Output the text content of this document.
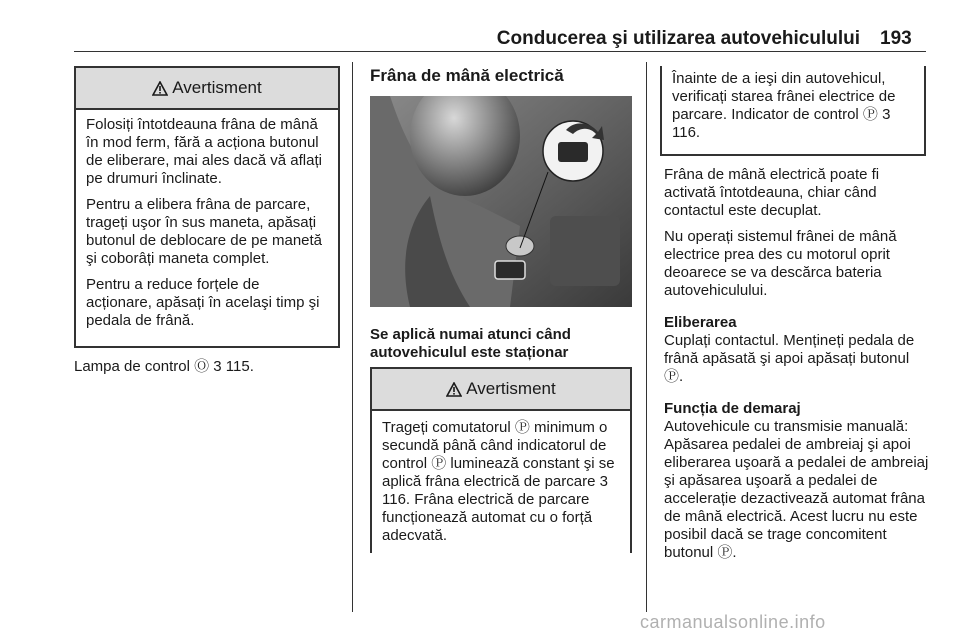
Conducerea şi utilizarea autovehiculului 193
Avertisment

Folosiți întotdeauna frâna de mână în mod ferm, fără a acționa butonul de eliberare, mai ales dacă vă aflați pe drumuri înclinate.

Pentru a elibera frâna de parcare, trageți uşor în sus maneta, apăsați butonul de deblocare de pe manetă şi coborâți maneta complet.

Pentru a reduce forțele de acționare, apăsați în acelaşi timp şi pedala de frână.

Lampa de control Ⓞ 3 115.
Frâna de mână electrică
Se aplică numai atunci când autovehiculul este staționar
Avertisment

Trageți comutatorul Ⓟ minimum o secundă până când indicatorul de control Ⓟ luminează constant şi se aplică frâna electrică de parcare 3 116. Frâna electrică de parcare funcționează automat cu o forță adecvată.

Înainte de a ieşi din autovehicul, verificați starea frânei electrice de parcare. Indicator de control Ⓟ 3 116.

Frâna de mână electrică poate fi activată întotdeauna, chiar când contactul este decuplat.

Nu operați sistemul frânei de mână electrice prea des cu motorul oprit deoarece se va descărca bateria autovehiculului.

Eliberarea

Cuplați contactul. Mențineți pedala de frână apăsată şi apoi apăsați butonul Ⓟ.

Funcția de demaraj

Autovehicule cu transmisie manuală: Apăsarea pedalei de ambreiaj şi apoi eliberarea uşoară a pedalei de ambreiaj şi apăsarea uşoară a pedalei de accelerație dezactivează automat frâna de mână electrică. Acest lucru nu este posibil dacă se trage concomitent butonul Ⓟ.

carmanualsonline.info
